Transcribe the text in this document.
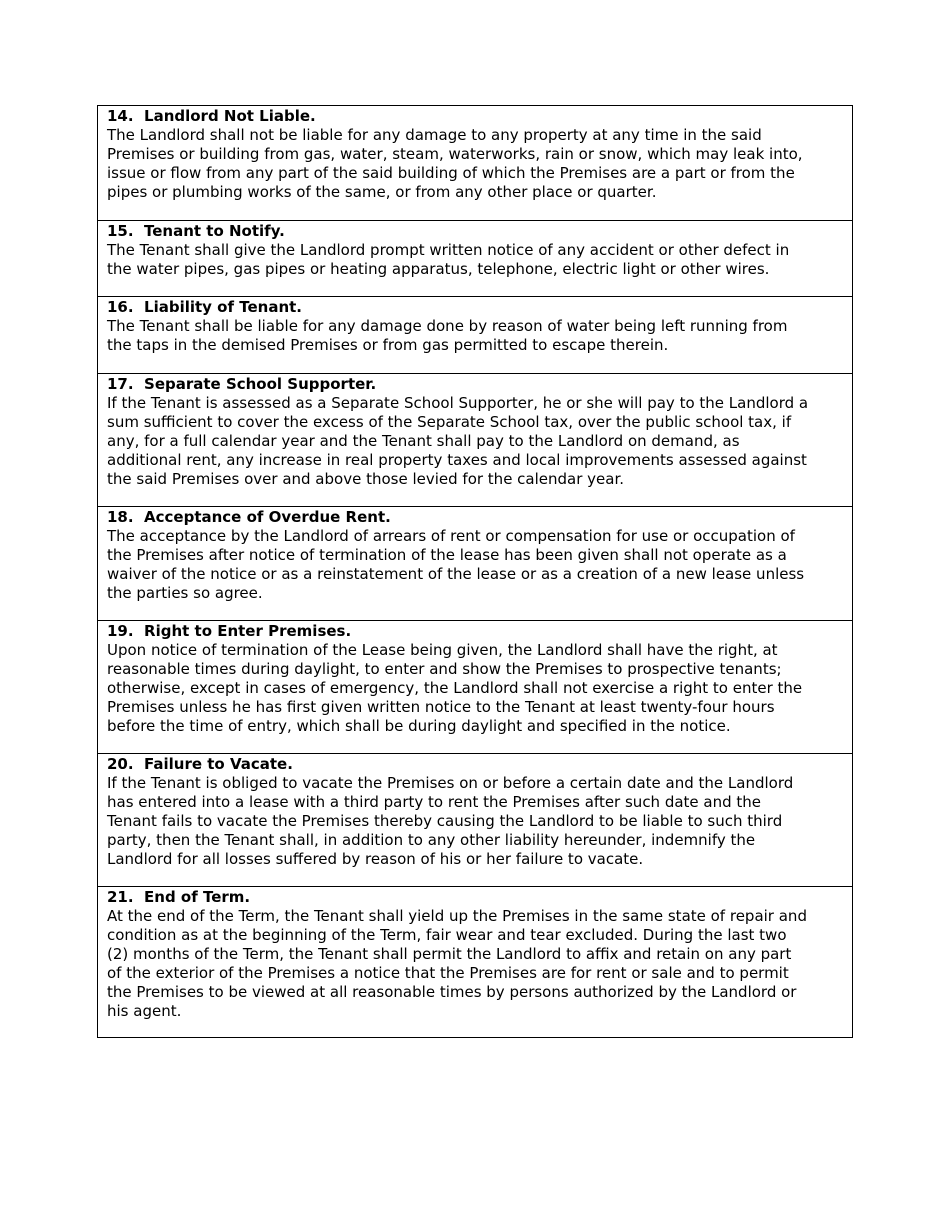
14.  Landlord Not Liable.

The Landlord shall not be liable for any damage to any property at any time in the said
Premises or building from gas, water, steam, waterworks, rain or snow, which may leak into,
issue or flow from any part of the said building of which the Premises are a part or from the
pipes or plumbing works of the same, or from any other place or quarter.

15.  Tenant to Notify.

The Tenant shall give the Landlord prompt written notice of any accident or other defect in
the water pipes, gas pipes or heating apparatus, telephone, electric light or other wires.

16.  Liability of Tenant.

The Tenant shall be liable for any damage done by reason of water being left running from
the taps in the demised Premises or from gas permitted to escape therein.

17.  Separate School Supporter.

If the Tenant is assessed as a Separate School Supporter, he or she will pay to the Landlord a
sum sufficient to cover the excess of the Separate School tax, over the public school tax, if
any, for a full calendar year and the Tenant shall pay to the Landlord on demand, as
additional rent, any increase in real property taxes and local improvements assessed against
the said Premises over and above those levied for the calendar year.

18.  Acceptance of Overdue Rent.

The acceptance by the Landlord of arrears of rent or compensation for use or occupation of
the Premises after notice of termination of the lease has been given shall not operate as a
waiver of the notice or as a reinstatement of the lease or as a creation of a new lease unless
the parties so agree.

19.  Right to Enter Premises.

Upon notice of termination of the Lease being given, the Landlord shall have the right, at
reasonable times during daylight, to enter and show the Premises to prospective tenants;
otherwise, except in cases of emergency, the Landlord shall not exercise a right to enter the
Premises unless he has first given written notice to the Tenant at least twenty-four hours
before the time of entry, which shall be during daylight and specified in the notice.

20.  Failure to Vacate.

If the Tenant is obliged to vacate the Premises on or before a certain date and the Landlord
has entered into a lease with a third party to rent the Premises after such date and the
Tenant fails to vacate the Premises thereby causing the Landlord to be liable to such third
party, then the Tenant shall, in addition to any other liability hereunder, indemnify the
Landlord for all losses suffered by reason of his or her failure to vacate.

21.  End of Term.

At the end of the Term, the Tenant shall yield up the Premises in the same state of repair and
condition as at the beginning of the Term, fair wear and tear excluded. During the last two
(2) months of the Term, the Tenant shall permit the Landlord to affix and retain on any part
of the exterior of the Premises a notice that the Premises are for rent or sale and to permit
the Premises to be viewed at all reasonable times by persons authorized by the Landlord or
his agent.
